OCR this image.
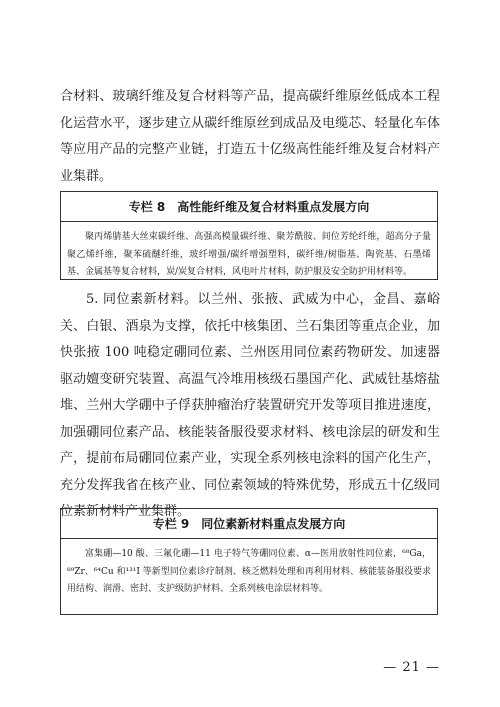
合材料、玻璃纤维及复合材料等产品，提高碳纤维原丝低成本工程化运营水平，逐步建立从碳纤维原丝到成品及电缆芯、轻量化车体等应用产品的完整产业链，打造五十亿级高性能纤维及复合材料产业集群。

专栏 8 高性能纤维及复合材料重点发展方向
聚丙烯腈基大丝束碳纤维、高强高模量碳纤维、聚芳酰胺、间位芳纶纤维，超高分子量聚乙烯纤维，聚苯硫醚纤维，玻纤增强/碳纤增强塑料，碳纤维/树脂基、陶瓷基、石墨烯基、金属基等复合材料，炭/炭复合材料，风电叶片材料，防护服及安全防护用材料等。

5. 同位素新材料。以兰州、张掖、武威为中心，金昌、嘉峪关、白银、酒泉为支撑，依托中核集团、兰石集团等重点企业，加快张掖 100 吨稳定硼同位素、兰州医用同位素药物研发、加速器驱动嬗变研究装置、高温气冷堆用核级石墨国产化、武威钍基熔盐堆、兰州大学硼中子俘获肿瘤治疗装置研究开发等项目推进速度，加强硼同位素产品、核能装备服役要求材料、核电涂层的研发和生产，提前布局硼同位素产业，实现全系列核电涂料的国产化生产，充分发挥我省在核产业、同位素领域的特殊优势，形成五十亿级同位素新材料产业集群。

专栏 9 同位素新材料重点发展方向
富集硼—10 酸、三氟化硼—11 电子特气等硼同位素、α—医用放射性同位素，⁶⁸Ga，⁸⁹Zr、⁶⁴Cu 和¹³¹I 等新型同位素诊疗制剂、核乏燃料处理和再利用材料、核能装备服役要求用结构、润滑、密封、支护级防护材料、全系列核电涂层材料等。
— 21 —
